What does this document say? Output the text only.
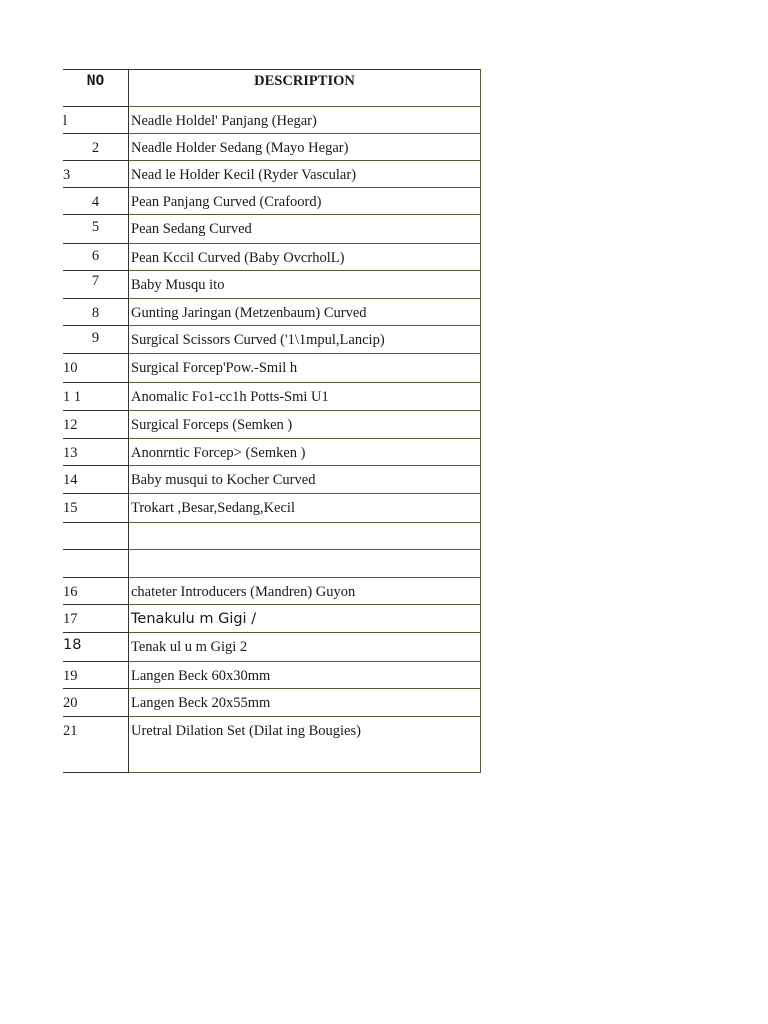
NO	DESCRIPTION
l	Neadle Holdel' Panjang (Hegar)
2	Neadle Holder Sedang (Mayo Hegar)
3	Nead le Holder Kecil (Ryder Vascular)
4	Pean Panjang Curved (Crafoord)
5	Pean Sedang Curved
6	Pean Kccil Curved (Baby OvcrholL)
7	Baby Musqu ito
8	Gunting Jaringan (Metzenbaum) Curved
9	Surgical Scissors Curved ('1\1mpul,Lancip)
10	Surgical Forcep'Pow.-Smil h
1 1	Anomalic Fo1-cc1h Potts-Smi U1
12	Surgical Forceps (Semken )
13	Anonrntic Forcep> (Semken )
14	Baby musqui to Kocher Curved
15	Trokart ,Besar,Sedang,Kecil

16	chateter Introducers (Mandren) Guyon
17	Tenakulu m Gigi /
18	Tenak ul u m Gigi 2
19	Langen Beck 60x30mm
20	Langen Beck 20x55mm
21	Uretral Dilation Set (Dilat ing Bougies)
